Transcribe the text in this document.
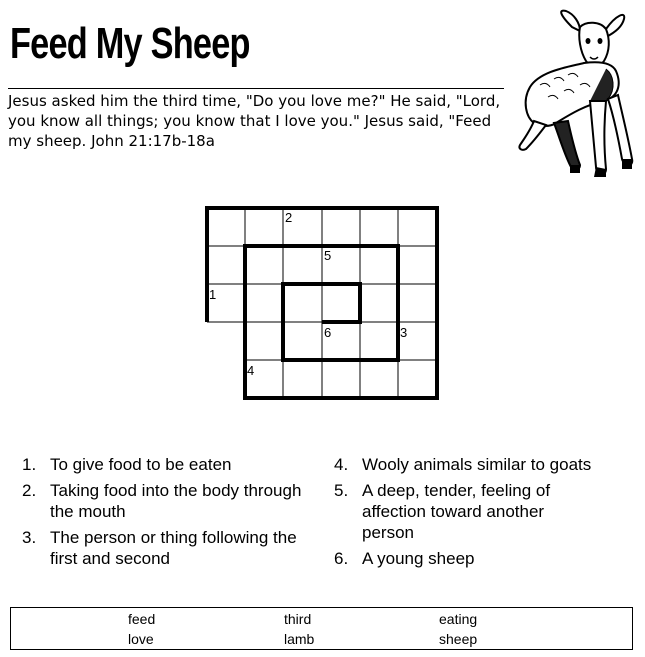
Feed My Sheep
Jesus asked him the third time, "Do you love me?" He said, "Lord, you know all things; you know that I love you." Jesus said, "Feed my sheep. John 21:17b-18a
2
5
1
6	3
4
1. To give food to be eaten
2. Taking food into the body through the mouth
3. The person or thing following the first and second
4. Wooly animals similar to goats
5. A deep, tender, feeling of affection toward another person
6. A young sheep
feed	third	eating
love	lamb	sheep
